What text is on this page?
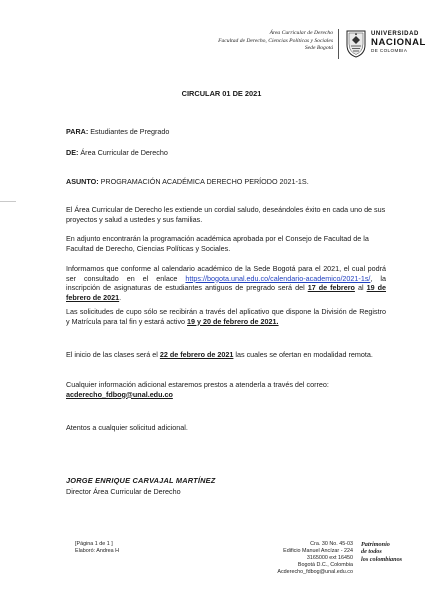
Área Curricular de Derecho
Facultad de Derecho, Ciencias Políticas y Sociales
Sede Bogotá
UNIVERSIDAD
NACIONAL
DE COLOMBIA
CIRCULAR 01 DE 2021
PARA: Estudiantes de Pregrado
DE: Área Curricular de Derecho
ASUNTO: PROGRAMACIÓN ACADÉMICA DERECHO PERÍODO 2021-1S.
El Área Curricular de Derecho les extiende un cordial saludo, deseándoles éxito en cada uno de sus proyectos y salud a ustedes y sus familias.
En adjunto encontrarán la programación académica aprobada por el Consejo de Facultad de la Facultad de Derecho, Ciencias Políticas y Sociales.
Informamos que conforme al calendario académico de la Sede Bogotá para el 2021, el cual podrá ser consultado en el enlace https://bogota.unal.edu.co/calendario-academico/2021-1s/, la inscripción de asignaturas de estudiantes antiguos de pregrado será del 17 de febrero al 19 de febrero de 2021.
Las solicitudes de cupo sólo se recibirán a través del aplicativo que dispone la División de Registro y Matrícula para tal fin y estará activo 19 y 20 de febrero de 2021.
El inicio de las clases será el 22 de febrero de 2021 las cuales se ofertan en modalidad remota.
Cualquier información adicional estaremos prestos a atenderla a través del correo: acderecho_fdbog@unal.edu.co
Atentos a cualquier solicitud adicional.
JORGE ENRIQUE CARVAJAL MARTÍNEZ
Director Área Curricular de Derecho
[Página 1 de 1 ]
Elaboró: Andrea H
Cra. 30 No. 45-03
Edificio Manuel Ancízar - 224
3165000 ext 16450
Bogotá D.C., Colombia
Acderecho_fdbog@unal.edu.co
Patrimonio
de todos
los colombianos
